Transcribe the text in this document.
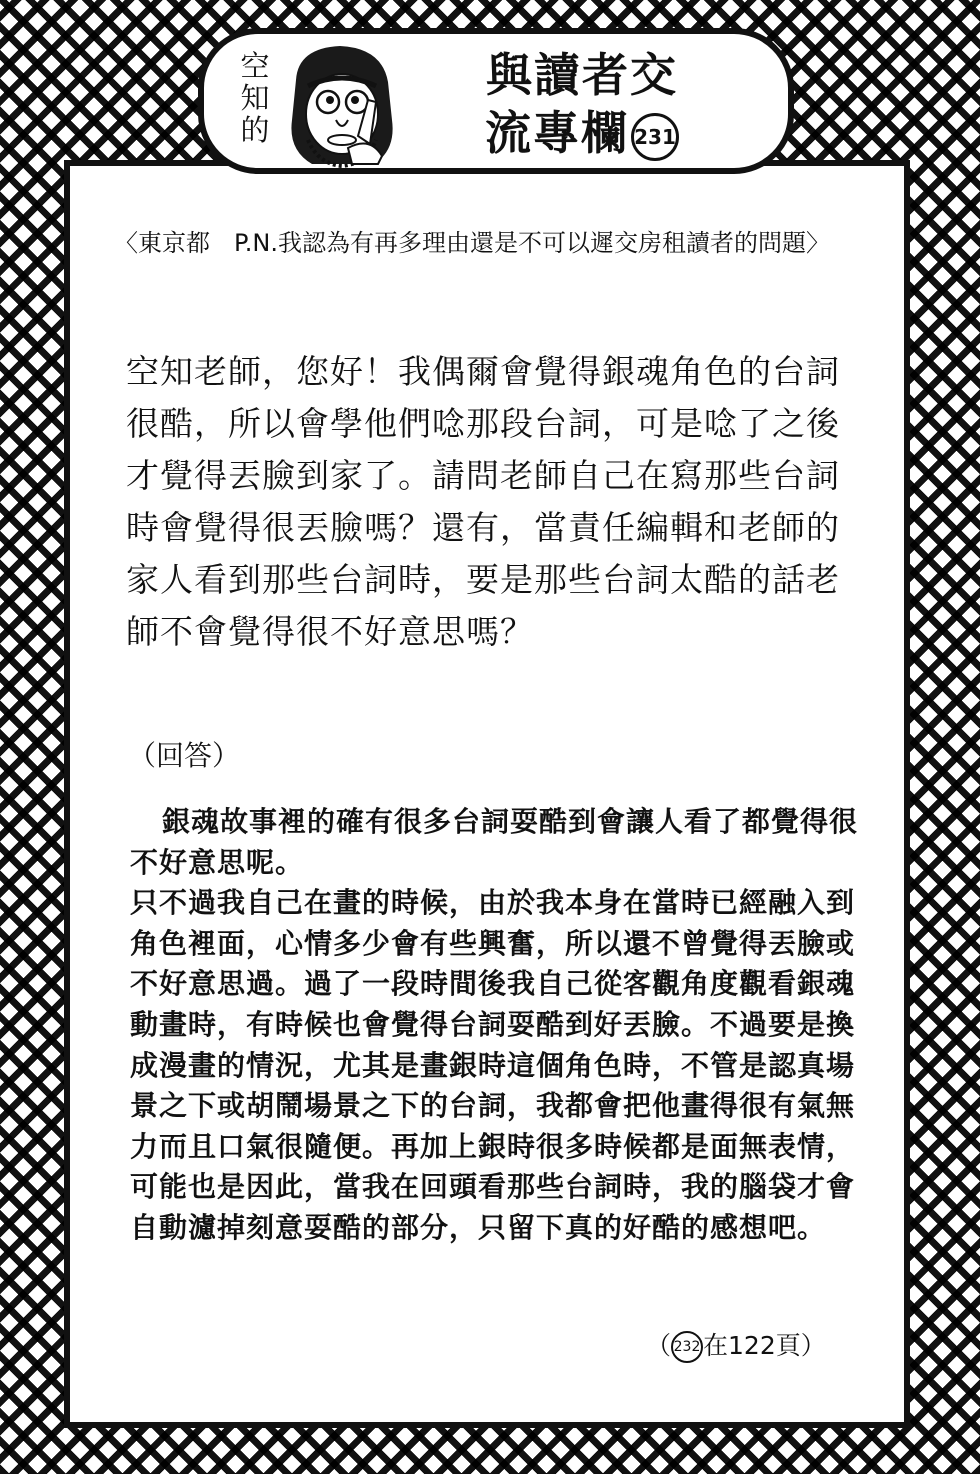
空知的
與讀者交
流專欄 231
〈東京都　P.N.我認為有再多理由還是不可以遲交房租讀者的問題〉
空知老師，您好！我偶爾會覺得銀魂角色的台詞很酷，所以會學他們唸那段台詞，可是唸了之後才覺得丟臉到家了。請問老師自己在寫那些台詞時會覺得很丟臉嗎？還有，當責任編輯和老師的家人看到那些台詞時，要是那些台詞太酷的話老師不會覺得很不好意思嗎？
（回答）

銀魂故事裡的確有很多台詞耍酷到會讓人看了都覺得很不好意思呢。

只不過我自己在畫的時候，由於我本身在當時已經融入到角色裡面，心情多少會有些興奮，所以還不曾覺得丟臉或不好意思過。過了一段時間後我自己從客觀角度觀看銀魂動畫時，有時候也會覺得台詞耍酷到好丟臉。不過要是換成漫畫的情況，尤其是畫銀時這個角色時，不管是認真場景之下或胡鬧場景之下的台詞，我都會把他畫得很有氣無力而且口氣很隨便。再加上銀時很多時候都是面無表情，可能也是因此，當我在回頭看那些台詞時，我的腦袋才會自動濾掉刻意耍酷的部分，只留下真的好酷的感想吧。

（ 232 在122頁）
